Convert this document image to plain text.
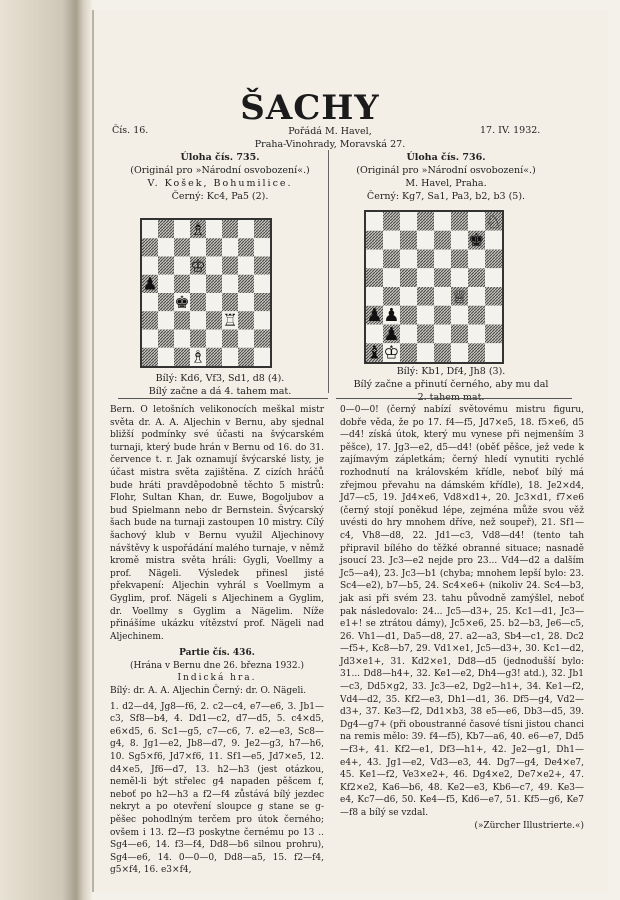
ŠACHY
Čís. 16.	Pořádá M. Havel,
Praha-Vinohrady, Moravská 27.
17. IV. 1932.
Úloha čís. 735.
(Originál pro »Národní osvobození«.)
V. Košek, Bohumilice.
Černý: Kc4, Pa5 (2).
♗
♔
♚
♟
♖
♗
Bílý: Kd6, Vf3, Sd1, d8 (4).
Bílý začne a dá 4. tahem mat.
Úloha čís. 736.
(Originál pro »Národní osvobození«.)
M. Havel, Praha.
Černý: Kg7, Sa1, Pa3, b2, b3 (5).
♘
♚
♕
♟ ♟
♟
♝ ♔
Bílý: Kb1, Df4, Jh8 (3).
Bílý začne a přinutí černého, aby mu dal

Bern. O letošních velikonocích meškal mistr světa dr. A. A. Aljechin v Bernu, aby sjednal bližší podmínky své účasti na švýcarském turnaji, který bude hrán v Bernu od 16. do 31. července t. r. Jak oznamují švýcarské listy, je účast mistra světa zajištěna. Z cizích hráčů bude hráti pravděpodobně těchto 5 mistrů: Flohr, Sultan Khan, dr. Euwe, Bogoljubov a bud Spielmann nebo dr Bernstein. Švýcarský šach bude na turnaji zastoupen 10 mistry. Cílý šachový klub v Bernu využil Aljechinovy návštěvy k uspořádání malého turnaje, v němž kromě mistra světa hráli: Gygli, Voellmy a prof. Nägeli. Výsledek přinesl jisté překvapení: Aljechin vyhrál s Voellmym a Gyglim, prof. Nägeli s Aljechinem a Gyglim, dr. Voellmy s Gyglim a Nägelim. Níže přinášíme ukázku vítězství prof. Nägeli nad Aljechinem.

Partie čís. 436.

(Hrána v Bernu dne 26. března 1932.)

Indická hra.

Bílý: dr. A. A. Aljechin Černý: dr. O. Nägeli.

1. d2—d4, Jg8—f6, 2. c2—c4, e7—e6, 3. Jb1—c3, Sf8—b4, 4. Dd1—c2, d7—d5, 5. c4×d5, e6×d5, 6. Sc1—g5, c7—c6, 7. e2—e3, Sc8—g4, 8. Jg1—e2, Jb8—d7, 9. Je2—g3, h7—h6, 10. Sg5×f6, Jd7×f6, 11. Sf1—e5, Jd7×e5, 12. d4×e5, Jf6—d7, 13. h2—h3 (jest otázkou, neměl-li být střelec g4 napaden pěšcem f, neboť po h2—h3 a f2—f4 zůstává bílý jezdec nekryt a po otevření sloupce g stane se g-pěšec pohodlným terčem pro útok černého; ovšem i 13. f2—f3 poskytne černému po 13 .. Sg4—e6, 14. f3—f4, Dd8—b6 silnou prohru), Sg4—e6, 14. 0—0—0, Dd8—a5, 15. f2—f4, g5×f4, 16. e3×f4,

0—0—0! (černý nabízí světovému mistru figuru, dobře věda, že po 17. f4—f5, Jd7×e5, 18. f5×e6, d5—d4! získá útok, který mu vynese při nejmenším 3 pěšce), 17. Jg3—e2, d5—d4! (oběť pěšce, jež vede k zajímavým zápletkám; černý hledí vynutiti rychlé rozhodnutí na královském křídle, neboť bílý má zřejmou převahu na dámském křídle), 18. Je2×d4, Jd7—c5, 19. Jd4×e6, Vd8×d1+, 20. Jc3×d1, f7×e6 (černý stojí poněkud lépe, zejména může svou věž uvésti do hry mnohem dříve, než soupeř), 21. Sf1—c4, Vh8—d8, 22. Jd1—c3, Vd8—d4! (tento tah připravil bílého do těžké obranné situace; nasnadě jsoucí 23. Jc3—e2 nejde pro 23... Vd4—d2 a dalším Jc5—a4), 23. Jc3—b1 (chyba; mnohem lepší bylo: 23. Sc4—e2), b7—b5, 24. Sc4×e6+ (nikoliv 24. Sc4—b3, jak asi při svém 23. tahu původně zamýšlel, neboť pak následovalo: 24... Jc5—d3+, 25. Kc1—d1, Jc3—e1+! se ztrátou dámy), Jc5×e6, 25. b2—b3, Je6—c5, 26. Vh1—d1, Da5—d8, 27. a2—a3, Sb4—c1, 28. Dc2—f5+, Kc8—b7, 29. Vd1×e1, Jc5—d3+, 30. Kc1—d2, Jd3×e1+, 31. Kd2×e1, Dd8—d5 (jednodušší bylo: 31... Dd8—h4+, 32. Ke1—e2, Dh4—g3! atd.), 32. Jb1—c3, Dd5×g2, 33. Jc3—e2, Dg2—h1+, 34. Ke1—f2, Vd4—d2, 35. Kf2—e3, Dh1—d1, 36. Df5—g4, Vd2—d3+, 37. Ke3—f2, Dd1×b3, 38 e5—e6, Db3—d5, 39. Dg4—g7+ (při oboustranné časové tísni jistou chanci na remis mělo: 39. f4—f5), Kb7—a6, 40. e6—e7, Dd5—f3+, 41. Kf2—e1, Df3—h1+, 42. Je2—g1, Dh1—e4+, 43. Jg1—e2, Vd3—e3, 44. Dg7—g4, De4×e7, 45. Ke1—f2, Ve3×e2+, 46. Dg4×e2, De7×e2+, 47. Kf2×e2, Ka6—b6, 48. Ke2—e3, Kb6—c7, 49. Ke3—e4, Kc7—d6, 50. Ke4—f5, Kd6—e7, 51. Kf5—g6, Ke7—f8 a bílý se vzdal.

(»Zürcher Illustrierte.«)
